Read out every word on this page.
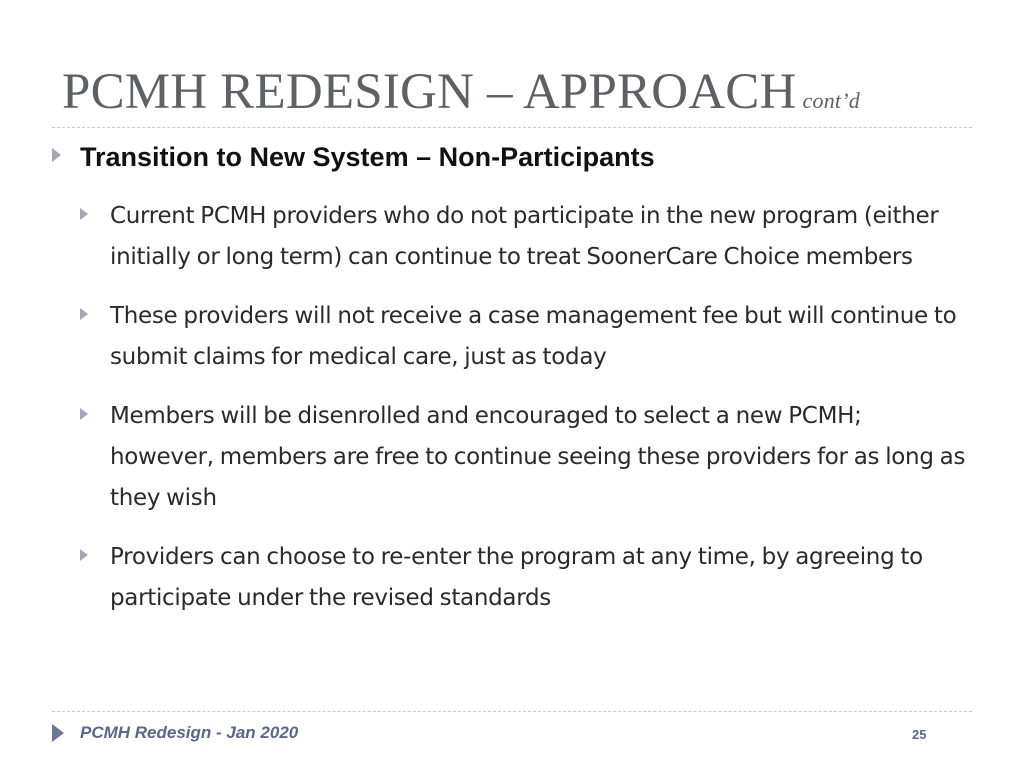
PCMH REDESIGN – APPROACH cont’d
Transition to New System – Non-Participants
Current PCMH providers who do not participate in the new program (either initially or long term) can continue to treat SoonerCare Choice members
These providers will not receive a case management fee but will continue to submit claims for medical care, just as today
Members will be disenrolled and encouraged to select a new PCMH; however, members are free to continue seeing these providers for as long as they wish
Providers can choose to re-enter the program at any time, by agreeing to participate under the revised standards
PCMH Redesign - Jan 2020	25
